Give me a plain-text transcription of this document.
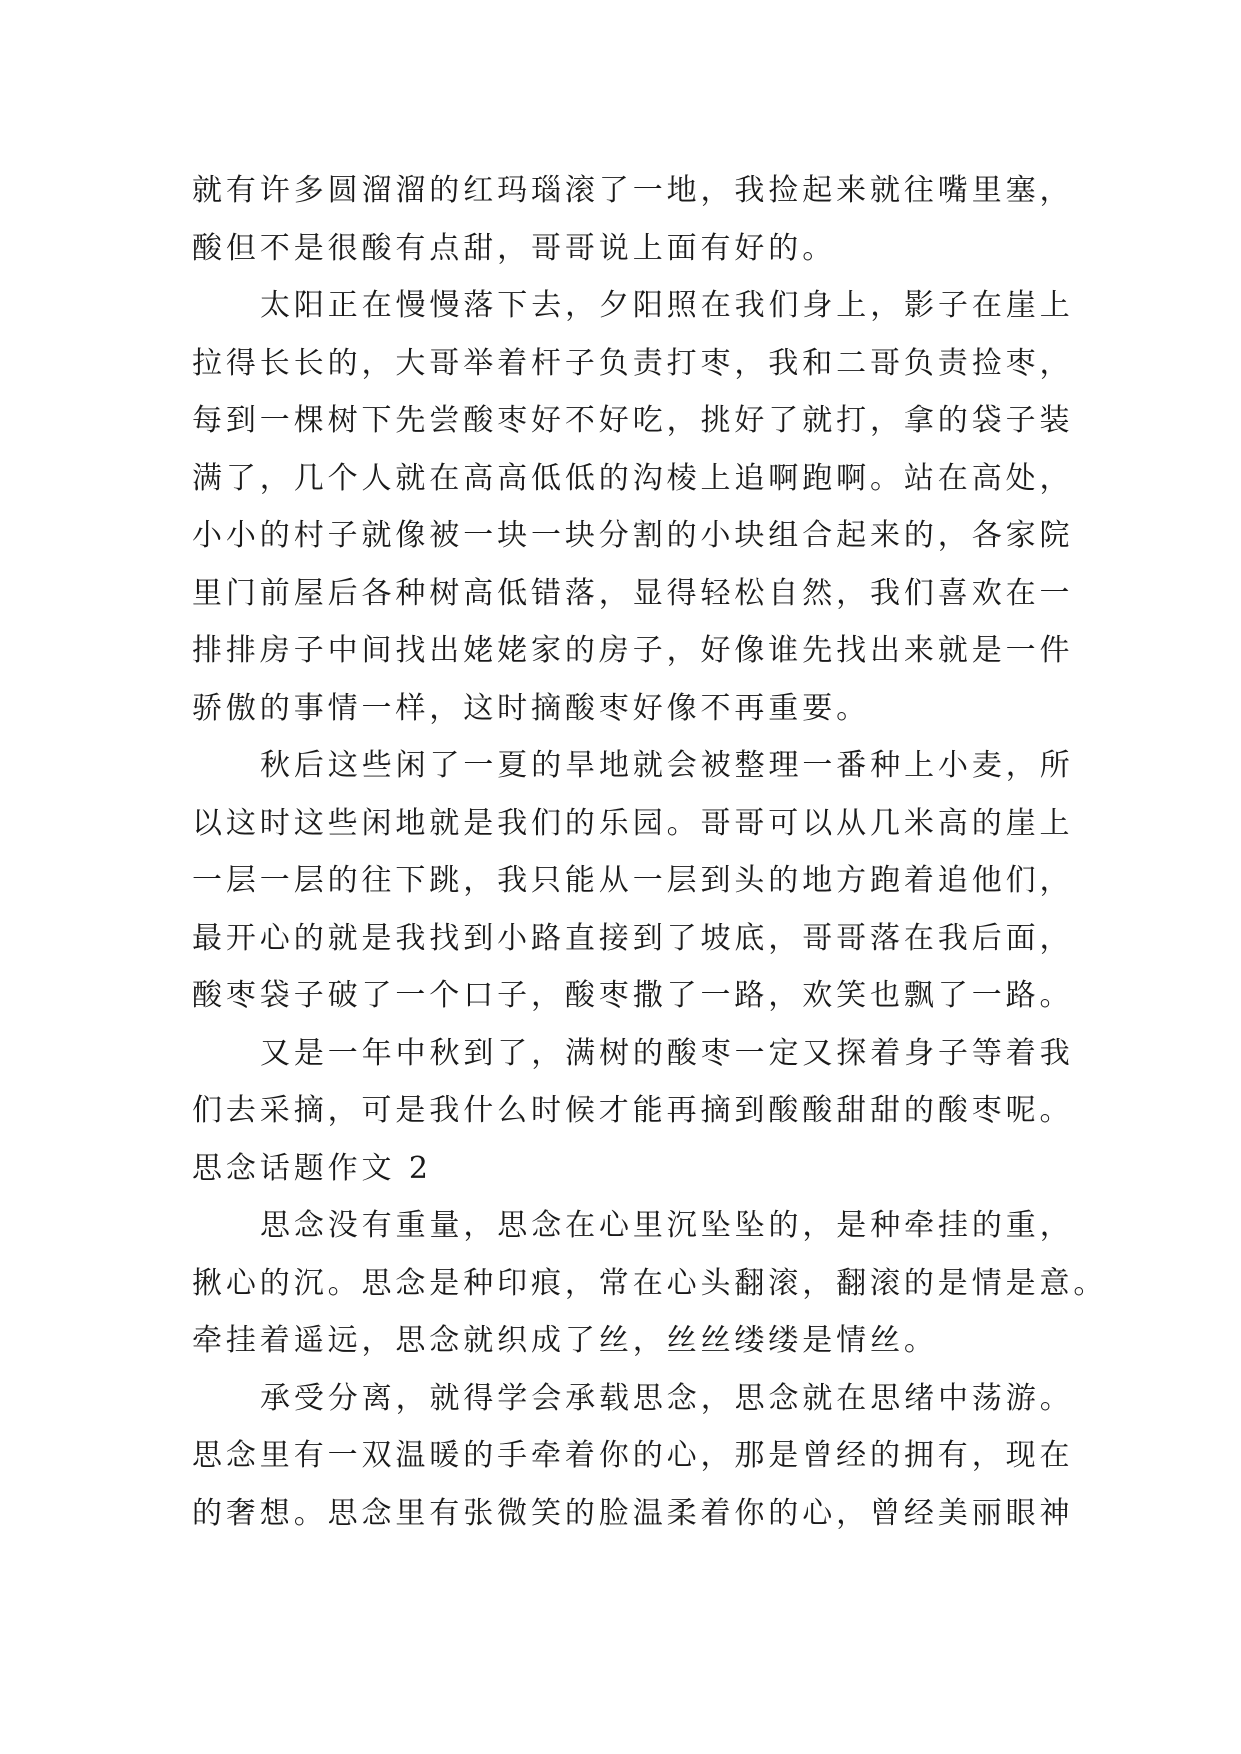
就有许多圆溜溜的红玛瑙滚了一地，我捡起来就往嘴里塞，
酸但不是很酸有点甜，哥哥说上面有好的。
太阳正在慢慢落下去，夕阳照在我们身上，影子在崖上
拉得长长的，大哥举着杆子负责打枣，我和二哥负责捡枣，
每到一棵树下先尝酸枣好不好吃，挑好了就打，拿的袋子装
满了，几个人就在高高低低的沟棱上追啊跑啊。站在高处，
小小的村子就像被一块一块分割的小块组合起来的，各家院
里门前屋后各种树高低错落，显得轻松自然，我们喜欢在一
排排房子中间找出姥姥家的房子，好像谁先找出来就是一件
骄傲的事情一样，这时摘酸枣好像不再重要。
秋后这些闲了一夏的旱地就会被整理一番种上小麦，所
以这时这些闲地就是我们的乐园。哥哥可以从几米高的崖上
一层一层的往下跳，我只能从一层到头的地方跑着追他们，
最开心的就是我找到小路直接到了坡底，哥哥落在我后面，
酸枣袋子破了一个口子，酸枣撒了一路，欢笑也飘了一路。
又是一年中秋到了，满树的酸枣一定又探着身子等着我
们去采摘，可是我什么时候才能再摘到酸酸甜甜的酸枣呢。
思念话题作文 2
思念没有重量，思念在心里沉坠坠的，是种牵挂的重，
揪心的沉。思念是种印痕，常在心头翻滚，翻滚的是情是意。
牵挂着遥远，思念就织成了丝，丝丝缕缕是情丝。
承受分离，就得学会承载思念，思念就在思绪中荡游。
思念里有一双温暖的手牵着你的心，那是曾经的拥有，现在
的奢想。思念里有张微笑的脸温柔着你的心，曾经美丽眼神
